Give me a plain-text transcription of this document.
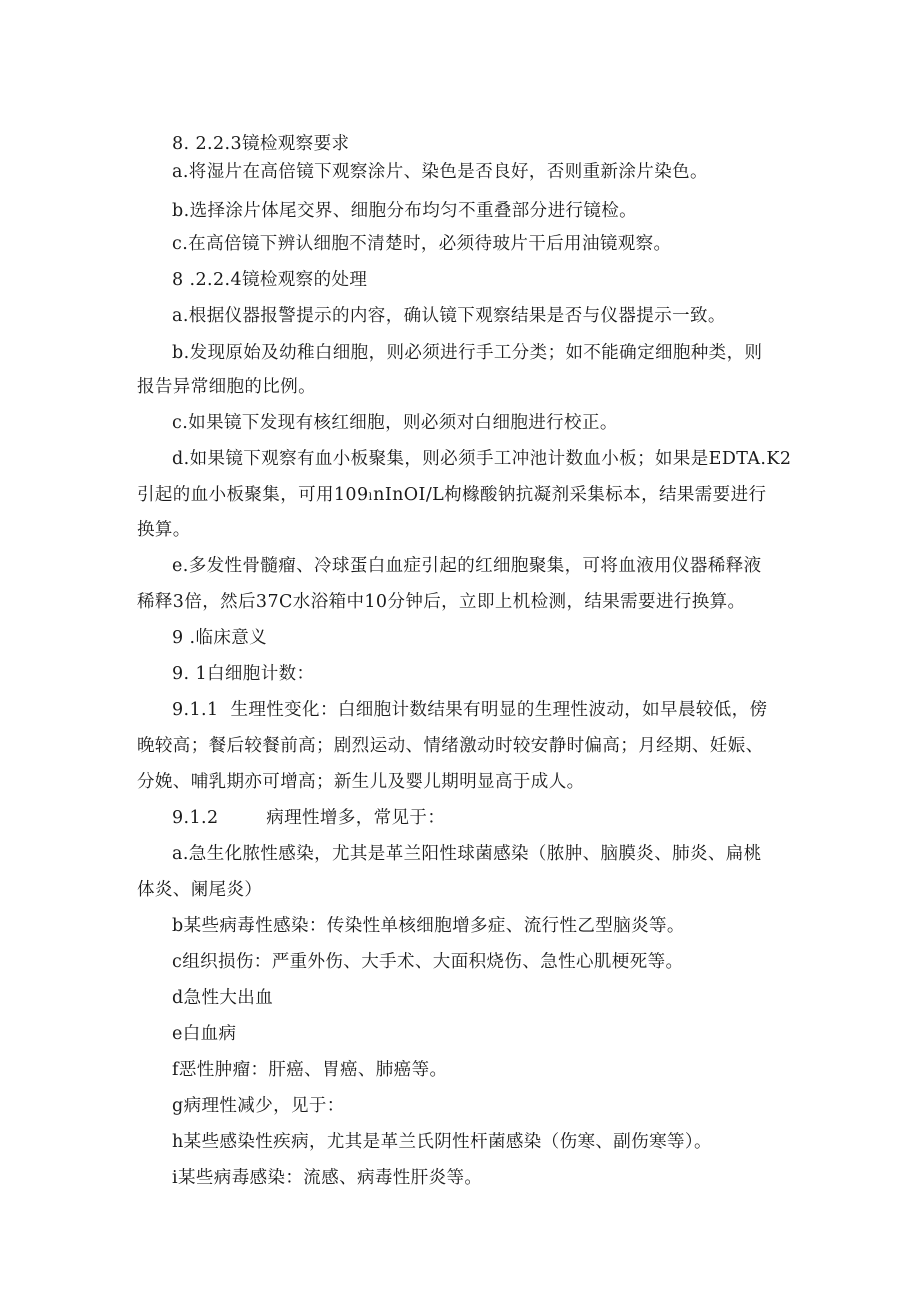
8. 2.2.3镜检观察要求
a.将湿片在高倍镜下观察涂片、染色是否良好，否则重新涂片染色。
b.选择涂片体尾交界、细胞分布均匀不重叠部分进行镜检。
c.在高倍镜下辨认细胞不清楚时，必须待玻片干后用油镜观察。
8 .2.2.4镜检观察的处理
a.根据仪器报警提示的内容，确认镜下观察结果是否与仪器提示一致。
b.发现原始及幼稚白细胞，则必须进行手工分类；如不能确定细胞种类，则
报告异常细胞的比例。
c.如果镜下发现有核红细胞，则必须对白细胞进行校正。
d.如果镜下观察有血小板聚集，则必须手工冲池计数血小板；如果是EDTA.K2
引起的血小板聚集，可用109ₗnInOI/L枸橼酸钠抗凝剂采集标本，结果需要进行
换算。
e.多发性骨髓瘤、冷球蛋白血症引起的红细胞聚集，可将血液用仪器稀释液
稀释3倍，然后37C水浴箱中10分钟后，立即上机检测，结果需要进行换算。
9 .临床意义
9. 1白细胞计数：
9.1.1  生理性变化：白细胞计数结果有明显的生理性波动，如早晨较低，傍
晚较高；餐后较餐前高；剧烈运动、情绪激动时较安静时偏高；月经期、妊娠、
分娩、哺乳期亦可增高；新生儿及婴儿期明显高于成人。
9.1.2        病理性增多，常见于：
a.急生化脓性感染，尤其是革兰阳性球菌感染（脓肿、脑膜炎、肺炎、扁桃
体炎、阑尾炎）
b某些病毒性感染：传染性单核细胞增多症、流行性乙型脑炎等。
c组织损伤：严重外伤、大手术、大面积烧伤、急性心肌梗死等。
d急性大出血
e白血病
f恶性肿瘤：肝癌、胃癌、肺癌等。
g病理性减少，见于：
h某些感染性疾病，尤其是革兰氏阴性杆菌感染（伤寒、副伤寒等）。
i某些病毒感染：流感、病毒性肝炎等。
